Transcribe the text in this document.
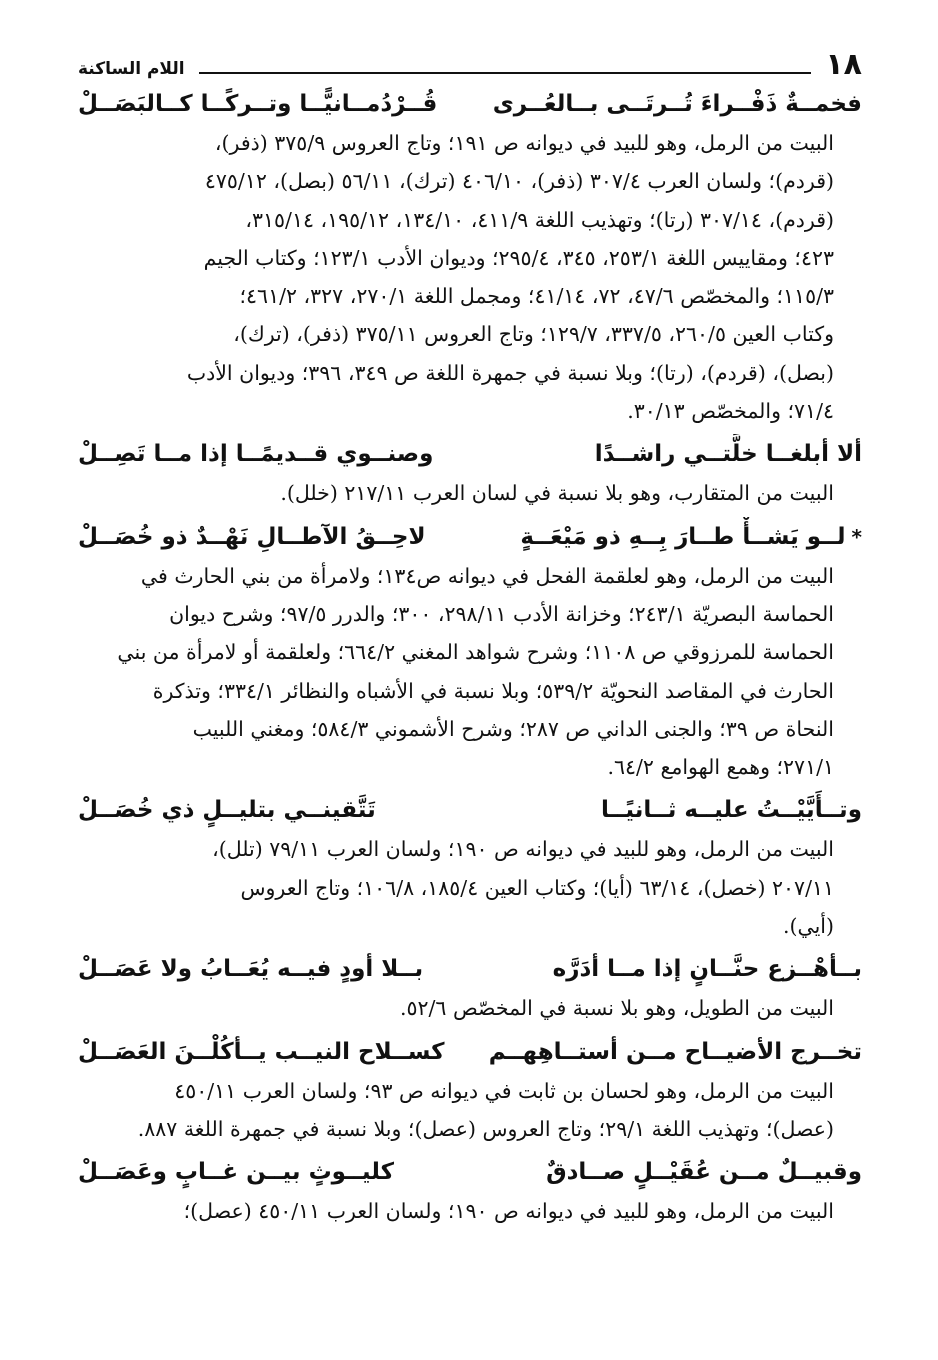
١٨
اللام الساكنة
فخمــةٌ ذَفْــراءَ تُــرتَــى بــالعُــرى
قُــرْدُمــانيًّــا وتــركًــا كــالبَصَــلْ
البيت من الرمل، وهو للبيد في ديوانه ص ١٩١؛ وتاج العروس ٣٧٥/٩ (ذفر)،
(قردم)؛ ولسان العرب ٣٠٧/٤ (ذفر)، ٤٠٦/١٠ (ترك)، ٥٦/١١ (بصل)، ٤٧٥/١٢
(قردم)، ٣٠٧/١٤ (رتا)؛ وتهذيب اللغة ٤١١/٩، ١٣٤/١٠، ١٩٥/١٢، ٣١٥/١٤،
٤٢٣؛ ومقاييس اللغة ٢٥٣/١، ٣٤٥، ٢٩٥/٤؛ وديوان الأدب ١٢٣/١؛ وكتاب الجيم
١١٥/٣؛ والمخصّص ٤٧/٦، ٧٢، ٤١/١٤؛ ومجمل اللغة ٢٧٠/١، ٣٢٧، ٤٦١/٢؛
وكتاب العين ٢٦٠/٥، ٣٣٧/٥، ١٢٩/٧؛ وتاج العروس ٣٧٥/١١ (ذفر)، (ترك)،
(بصل)، (قردم)، (رتا)؛ وبلا نسبة في جمهرة اللغة ص ٣٤٩، ٣٩٦؛ وديوان الأدب
٧١/٤؛ والمخصّص ٣٠/١٣.
ألا أبلغــا خلَّتــي راشــدًا
وصنــوي قــديمًــا إذا مــا تَصِــلْ
البيت من المتقارب، وهو بلا نسبة في لسان العرب ٢١٧/١١ (خلل).
*لــو يَشــأْ طــارَ بِــهِ ذو مَيْعَــةٍ
لاحِــقُ الآطــالِ نَهْــدٌ ذو خُصَــلْ
البيت من الرمل، وهو لعلقمة الفحل في ديوانه ص١٣٤؛ ولامرأة من بني الحارث في
الحماسة البصريّة ٢٤٣/١؛ وخزانة الأدب ٢٩٨/١١، ٣٠٠؛ والدرر ٩٧/٥؛ وشرح ديوان
الحماسة للمرزوقي ص ١١٠٨؛ وشرح شواهد المغني ٦٦٤/٢؛ ولعلقمة أو لامرأة من بني
الحارث في المقاصد النحويّة ٥٣٩/٢؛ وبلا نسبة في الأشباه والنظائر ٣٣٤/١؛ وتذكرة
النحاة ص ٣٩؛ والجنى الداني ص ٢٨٧؛ وشرح الأشموني ٥٨٤/٣؛ ومغني اللبيب
٢٧١/١؛ وهمع الهوامع ٦٤/٢.
وتــأَيَّيْــتُ عليــه ثــانيًــا
تَتَّقينــي بتليــلٍ ذي خُصَــلْ
البيت من الرمل، وهو للبيد في ديوانه ص ١٩٠؛ ولسان العرب ٧٩/١١ (تلل)،
٢٠٧/١١ (خصل)، ٦٣/١٤ (أيا)؛ وكتاب العين ١٨٥/٤، ١٠٦/٨؛ وتاج العروس
(أيي).
بــأهْــزع حنَّــانٍ إذا مــا أدَرَّه
بــلا أودٍ فيــه يُعَــابُ ولا عَصَــلْ
البيت من الطويل، وهو بلا نسبة في المخصّص ٥٢/٦.
تخــرج الأضيــاح مــن أستــاهِهــم
كســلاح النيــب يــأكُلْــنَ العَصَــلْ
البيت من الرمل، وهو لحسان بن ثابت في ديوانه ص ٩٣؛ ولسان العرب ٤٥٠/١١
(عصل)؛ وتهذيب اللغة ٢٩/١؛ وتاج العروس (عصل)؛ وبلا نسبة في جمهرة اللغة ٨٨٧.
وقبيــلٌ مــن عُقَيْــلٍ صــادقٌ
كليــوثٍ بيــن غــابٍ وعَصَــلْ
البيت من الرمل، وهو للبيد في ديوانه ص ١٩٠؛ ولسان العرب ٤٥٠/١١ (عصل)؛
